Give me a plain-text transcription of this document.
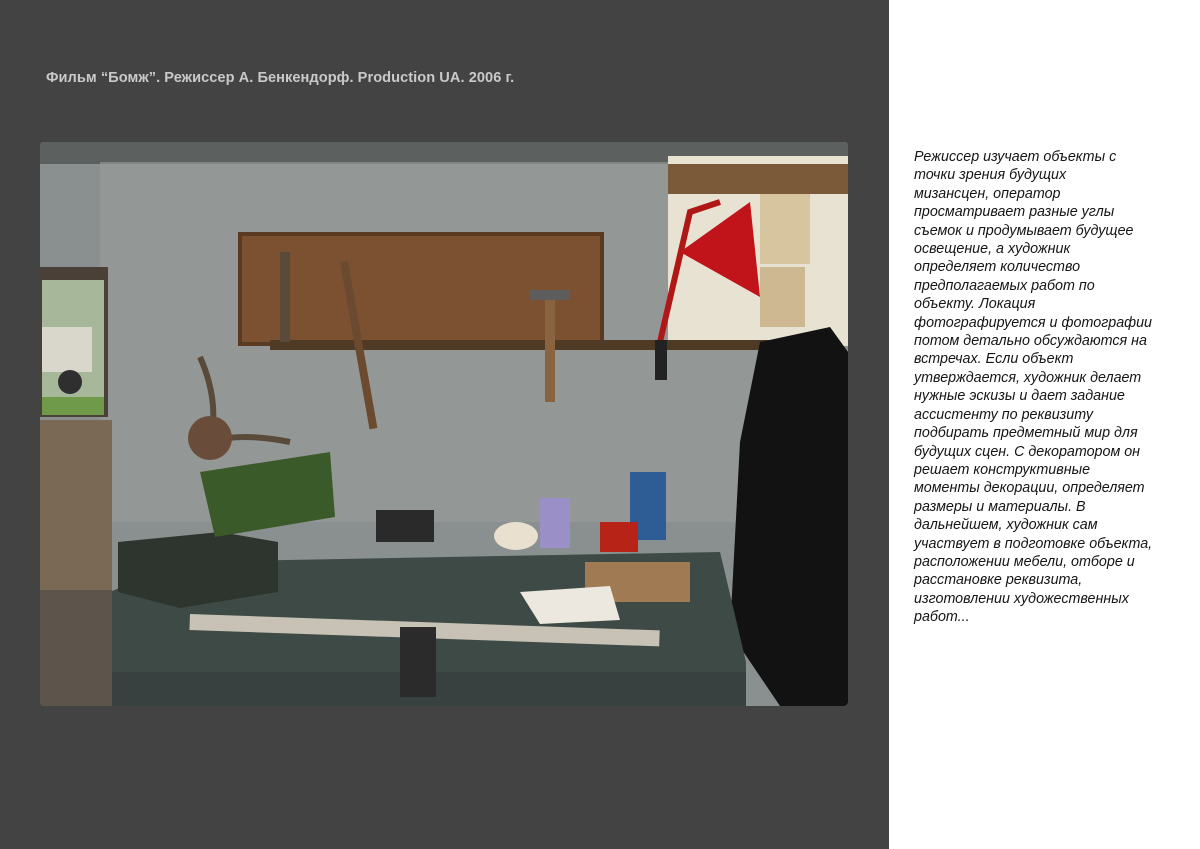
Фильм “Бомж”. Режиссер А. Бенкендорф. Production UA. 2006 г.

Режиссер изучает объекты с
точки зрения будущих
мизансцен, оператор
просматривает разные углы
съемок и продумывает будущее
освещение, а художник
определяет количество
предполагаемых работ по
объекту. Локация
фотографируется и фотографии
потом детально обсуждаются на
встречах. Если объект
утверждается, художник делает
нужные эскизы и дает задание
ассистенту по реквизиту
подбирать предметный мир для
будущих сцен. С декоратором он
решает конструктивные
моменты декорации, определяет
размеры и материалы. В
дальнейшем, художник сам
участвует в подготовке объекта,
расположении мебели, отборе и
расстановке реквизита,
изготовлении художественных
работ...
